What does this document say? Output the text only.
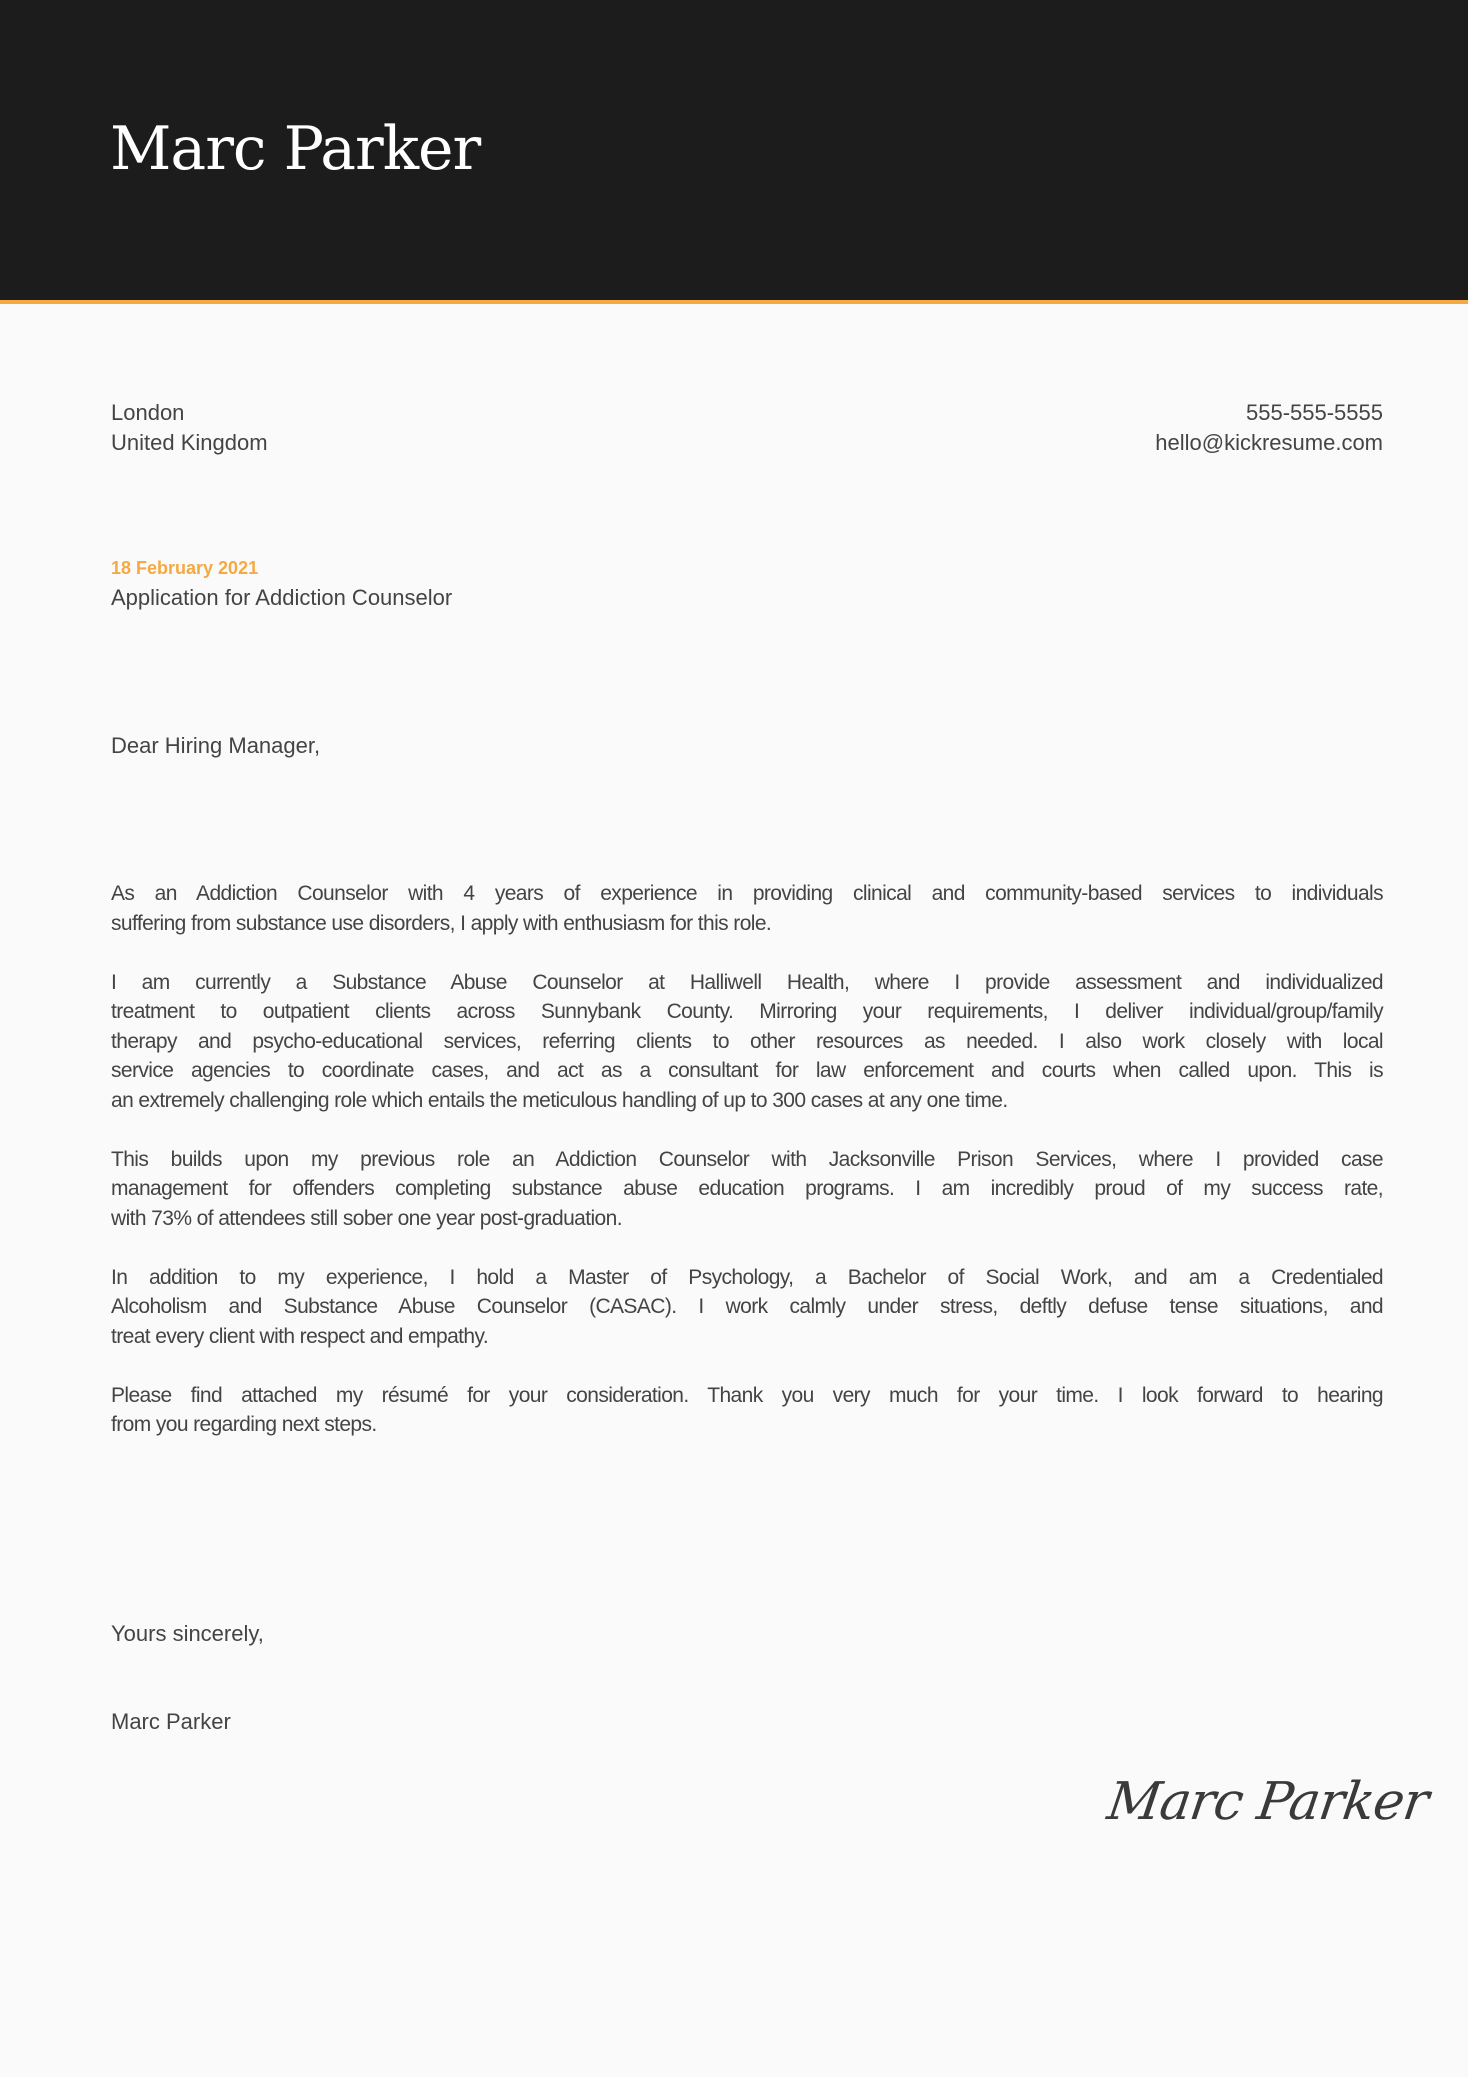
Marc Parker
London
United Kingdom
555-555-5555
hello@kickresume.com
18 February 2021
Application for Addiction Counselor
Dear Hiring Manager,
As an Addiction Counselor with 4 years of experience in providing clinical and community-based services to individuals
suffering from substance use disorders, I apply with enthusiasm for this role.
I am currently a Substance Abuse Counselor at Halliwell Health, where I provide assessment and individualized
treatment to outpatient clients across Sunnybank County. Mirroring your requirements, I deliver individual/group/family
therapy and psycho-educational services, referring clients to other resources as needed. I also work closely with local
service agencies to coordinate cases, and act as a consultant for law enforcement and courts when called upon. This is
an extremely challenging role which entails the meticulous handling of up to 300 cases at any one time.
This builds upon my previous role an Addiction Counselor with Jacksonville Prison Services, where I provided case
management for offenders completing substance abuse education programs. I am incredibly proud of my success rate,
with 73% of attendees still sober one year post-graduation.
In addition to my experience, I hold a Master of Psychology, a Bachelor of Social Work, and am a Credentialed
Alcoholism and Substance Abuse Counselor (CASAC). I work calmly under stress, deftly defuse tense situations, and
treat every client with respect and empathy.
Please find attached my résumé for your consideration. Thank you very much for your time. I look forward to hearing
from you regarding next steps.
Yours sincerely,
Marc Parker
Marc Parker
